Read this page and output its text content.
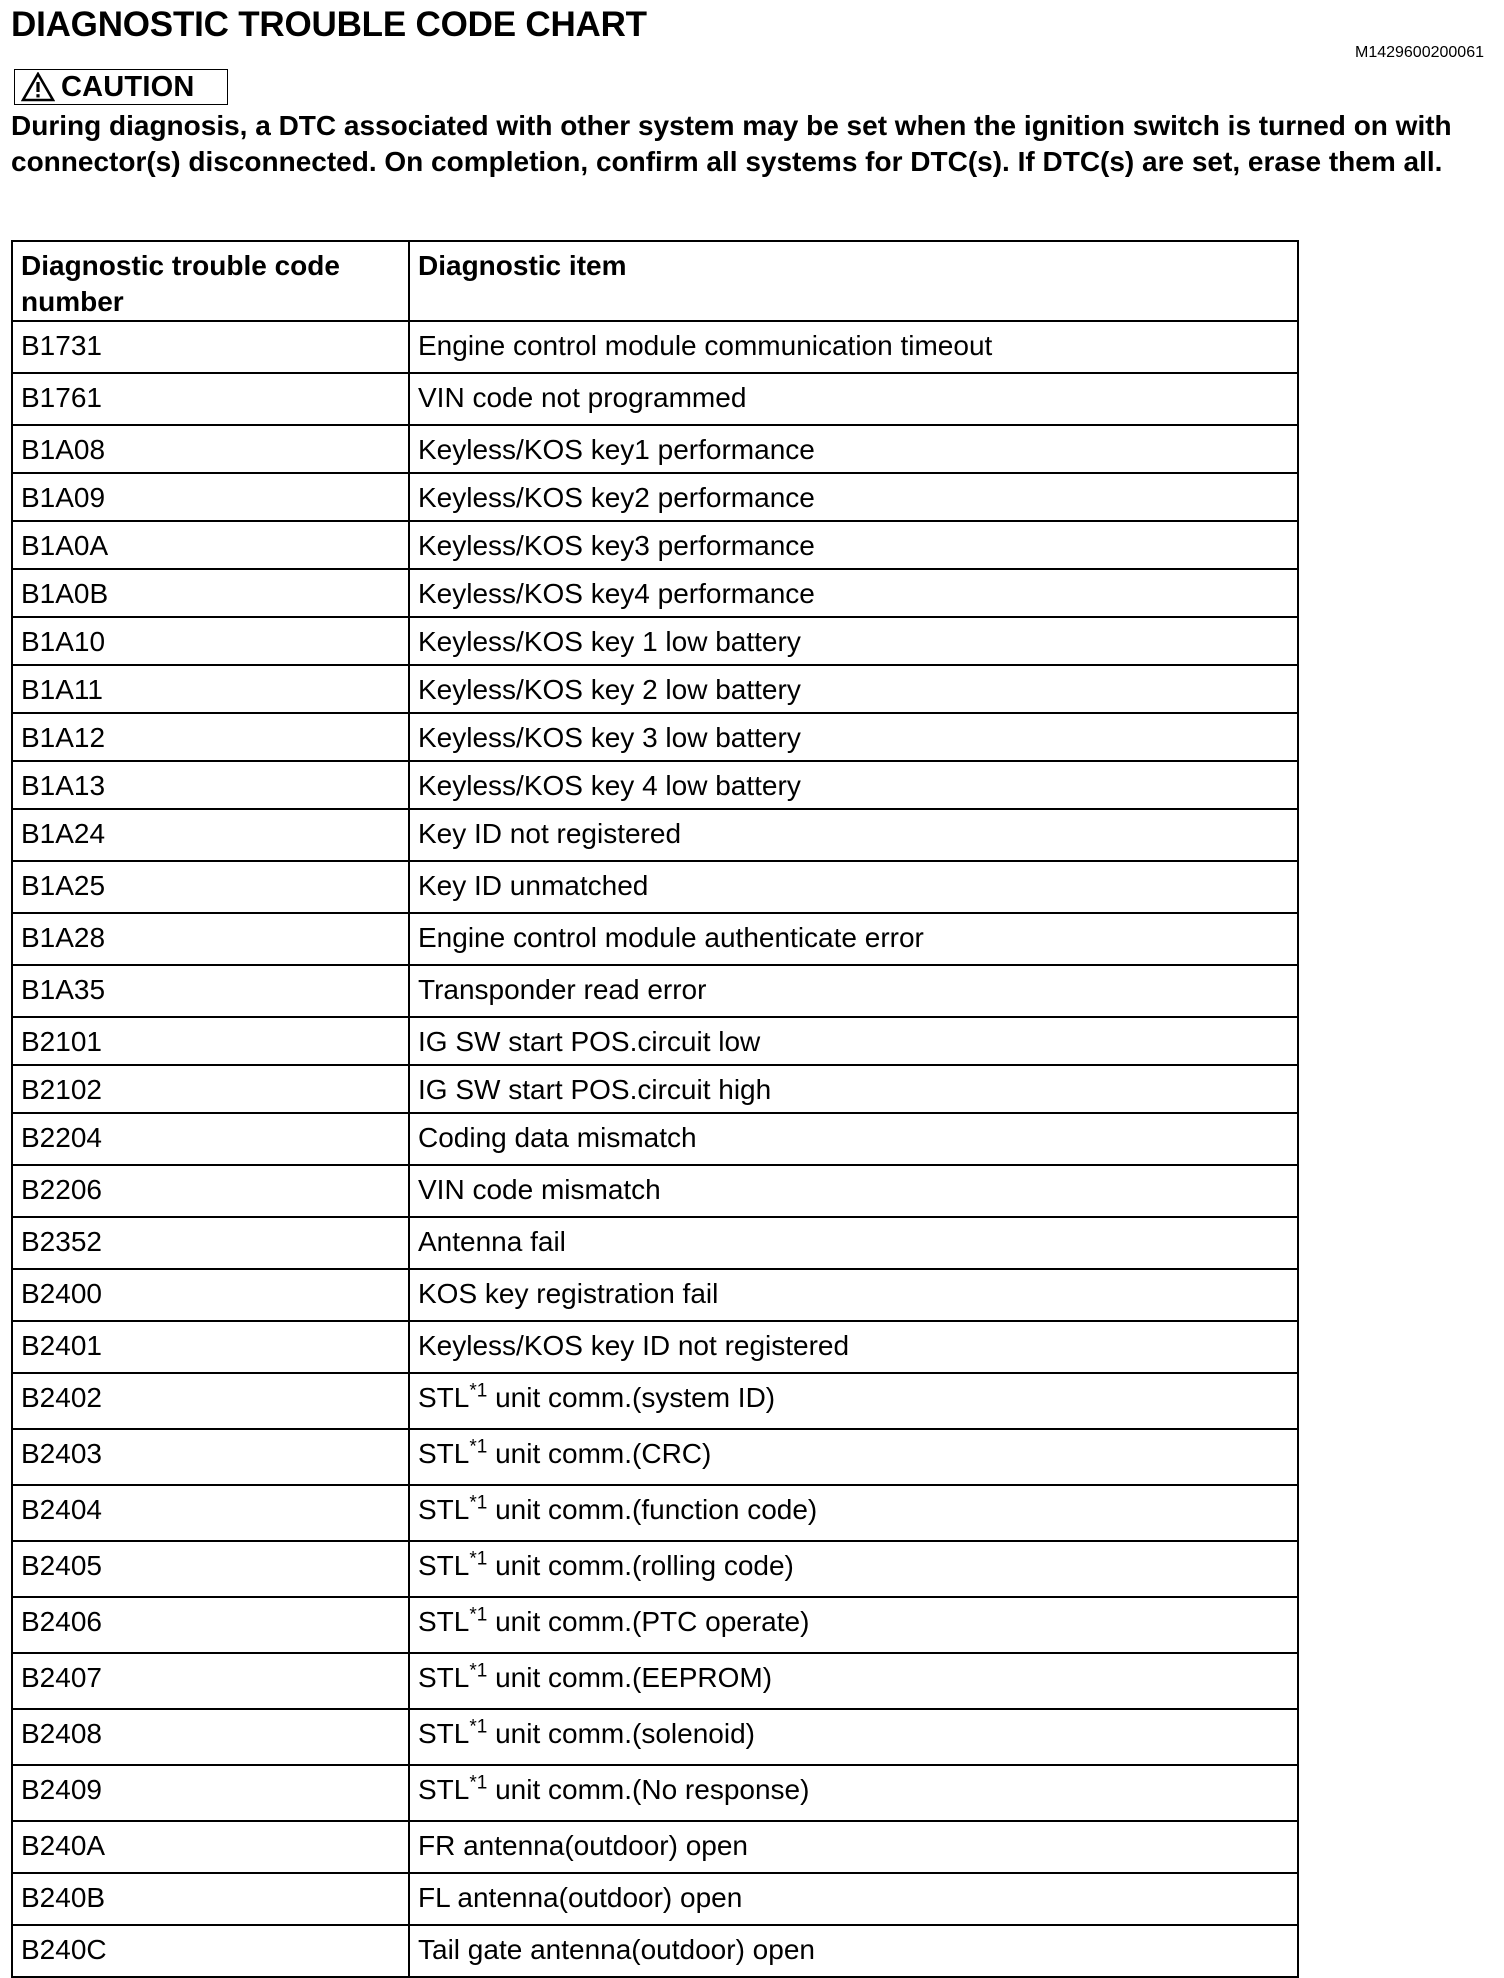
DIAGNOSTIC TROUBLE CODE CHART
M1429600200061
CAUTION
During diagnosis, a DTC associated with other system may be set when the ignition switch is turned on with connector(s) disconnected. On completion, confirm all systems for DTC(s). If DTC(s) are set, erase them all.
Diagnostic trouble code number	Diagnostic item
B1731	Engine control module communication timeout
B1761	VIN code not programmed
B1A08	Keyless/KOS key1 performance
B1A09	Keyless/KOS key2 performance
B1A0A	Keyless/KOS key3 performance
B1A0B	Keyless/KOS key4 performance
B1A10	Keyless/KOS key 1 low battery
B1A11	Keyless/KOS key 2 low battery
B1A12	Keyless/KOS key 3 low battery
B1A13	Keyless/KOS key 4 low battery
B1A24	Key ID not registered
B1A25	Key ID unmatched
B1A28	Engine control module authenticate error
B1A35	Transponder read error
B2101	IG SW start POS.circuit low
B2102	IG SW start POS.circuit high
B2204	Coding data mismatch
B2206	VIN code mismatch
B2352	Antenna fail
B2400	KOS key registration fail
B2401	Keyless/KOS key ID not registered
B2402	STL$^{*1}$ unit comm.(system ID)
B2403	STL$^{*1}$ unit comm.(CRC)
B2404	STL$^{*1}$ unit comm.(function code)
B2405	STL$^{*1}$ unit comm.(rolling code)
B2406	STL$^{*1}$ unit comm.(PTC operate)
B2407	STL$^{*1}$ unit comm.(EEPROM)
B2408	STL$^{*1}$ unit comm.(solenoid)
B2409	STL$^{*1}$ unit comm.(No response)
B240A	FR antenna(outdoor) open
B240B	FL antenna(outdoor) open
B240C	Tail gate antenna(outdoor) open
